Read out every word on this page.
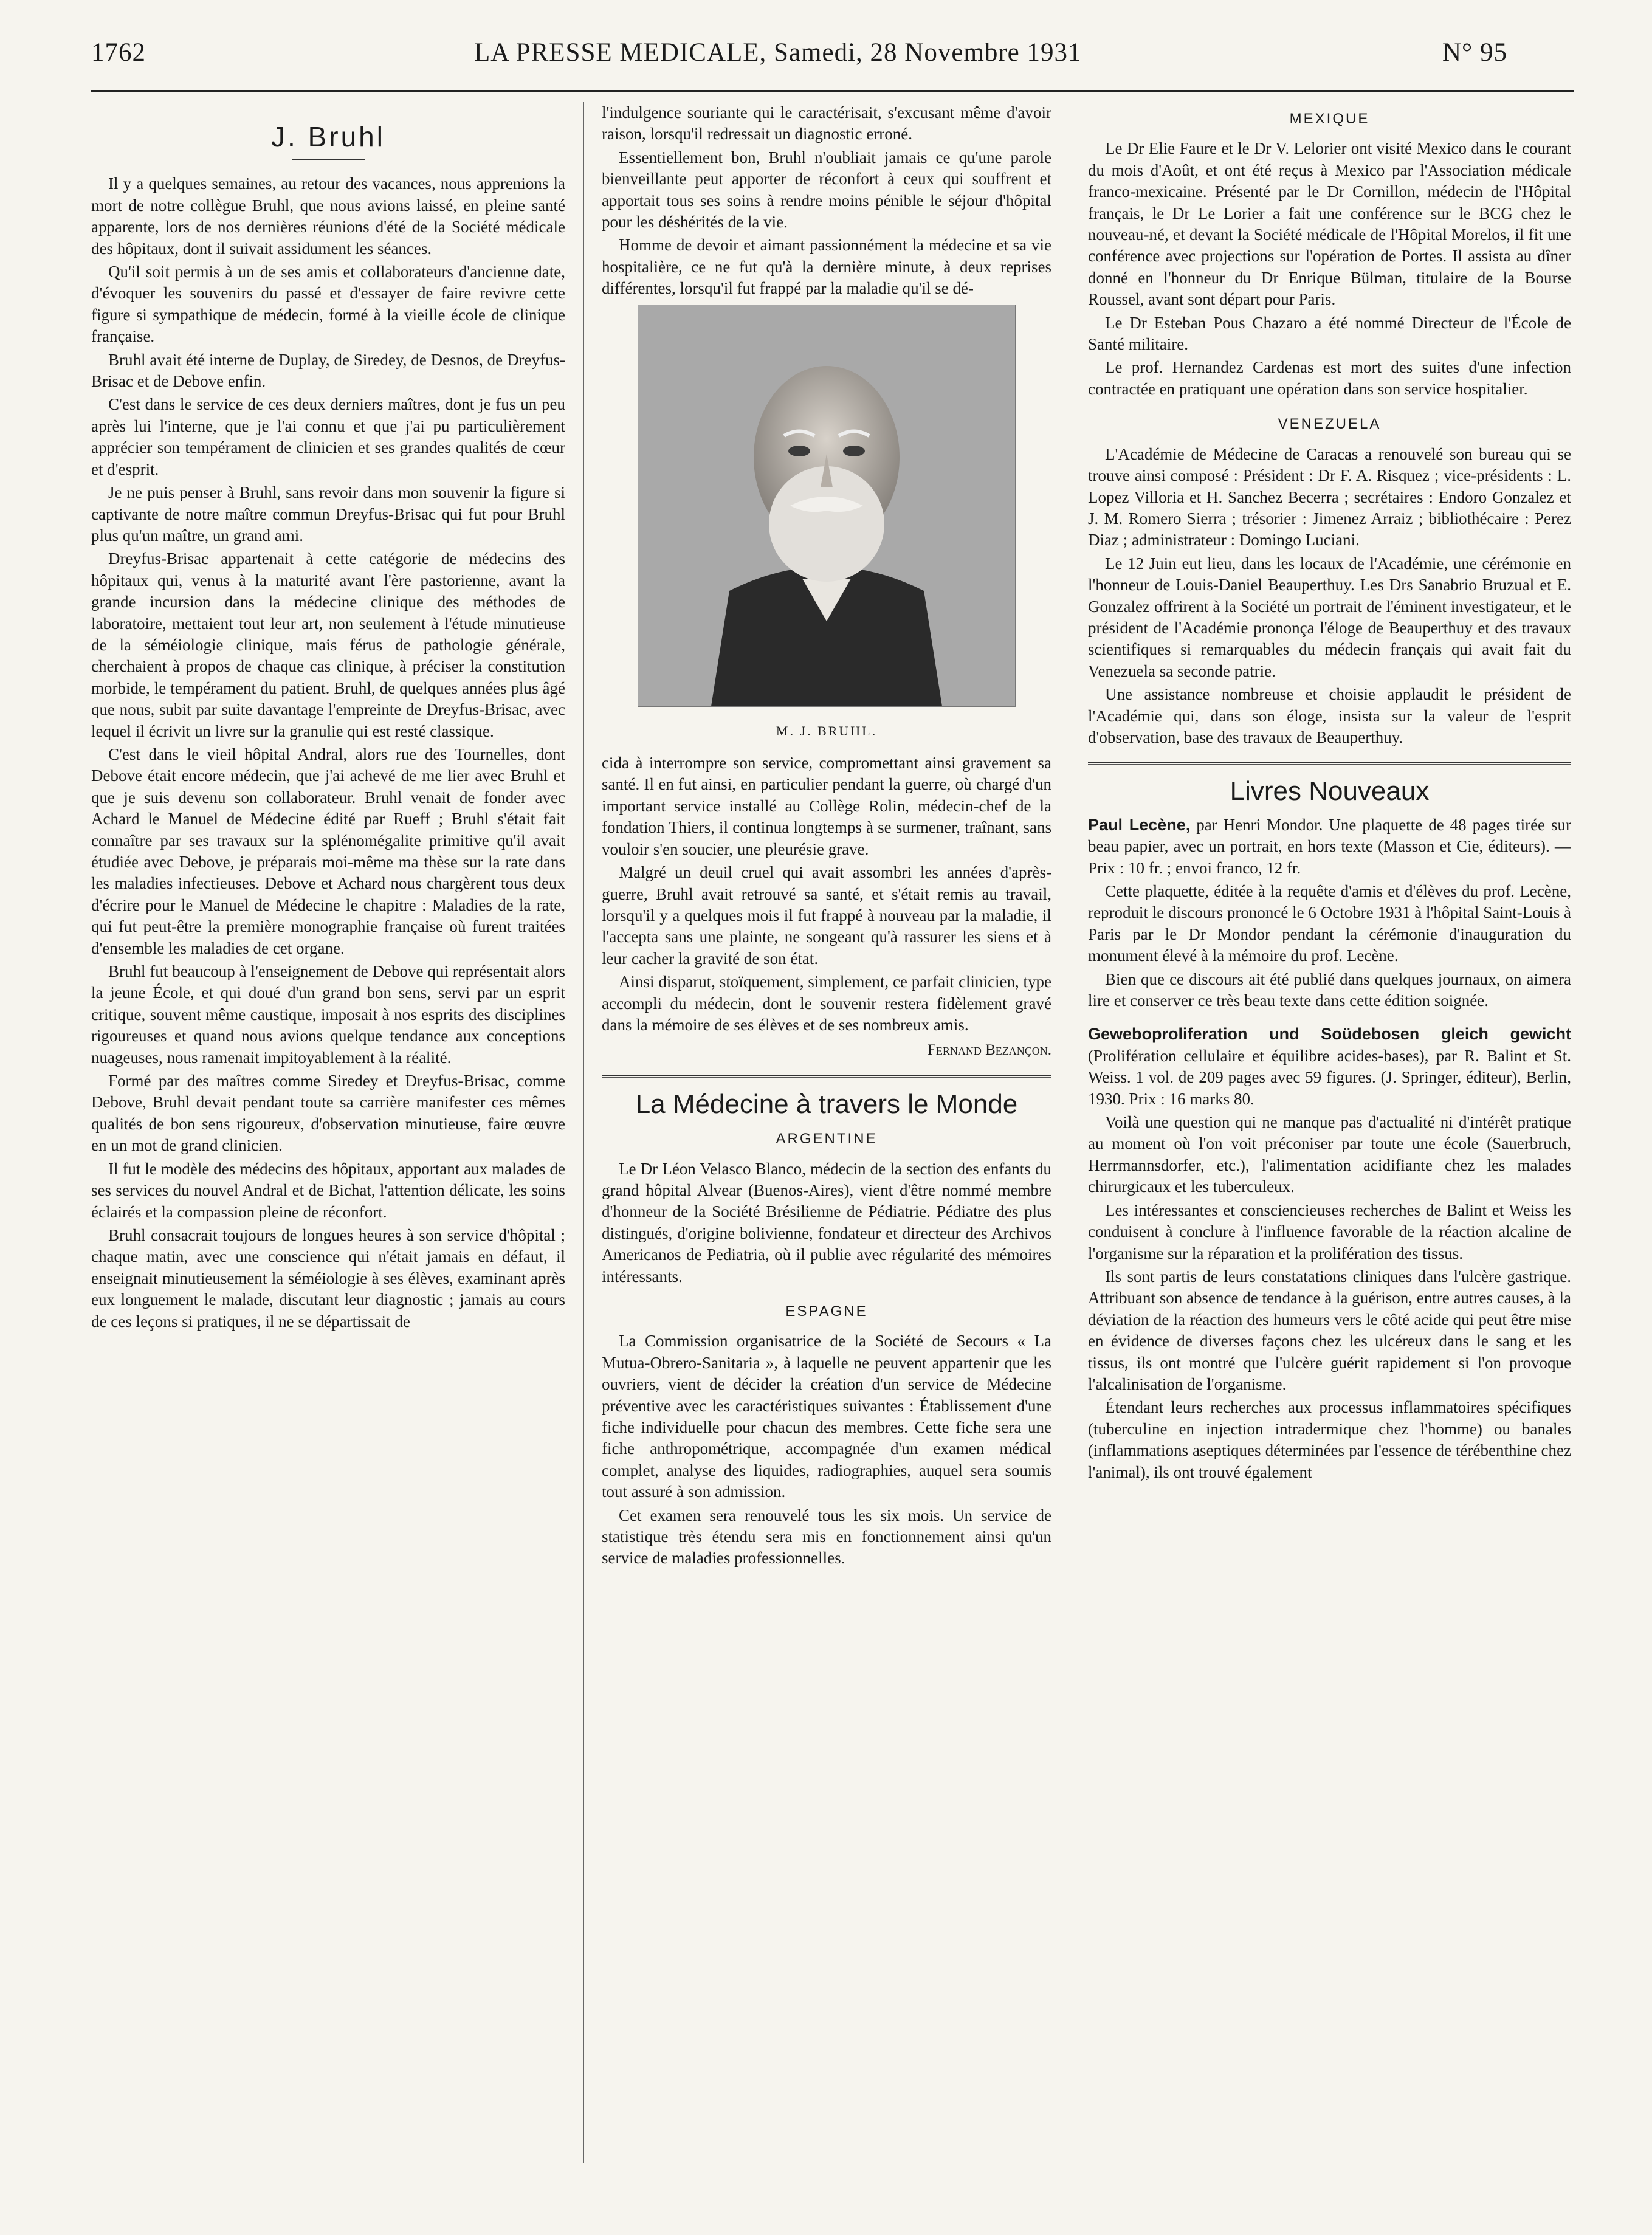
1762	LA PRESSE MEDICALE, Samedi, 28 Novembre 1931	N° 95
J. Bruhl

Il y a quelques semaines, au retour des vacances, nous apprenions la mort de notre collègue Bruhl, que nous avions laissé, en pleine santé apparente, lors de nos dernières réunions d'été de la Société médicale des hôpitaux, dont il suivait assidument les séances.

Qu'il soit permis à un de ses amis et collaborateurs d'ancienne date, d'évoquer les souvenirs du passé et d'essayer de faire revivre cette figure si sympathique de médecin, formé à la vieille école de clinique française.

Bruhl avait été interne de Duplay, de Siredey, de Desnos, de Dreyfus-Brisac et de Debove enfin.

C'est dans le service de ces deux derniers maîtres, dont je fus un peu après lui l'interne, que je l'ai connu et que j'ai pu particulièrement apprécier son tempérament de clinicien et ses grandes qualités de cœur et d'esprit.

Je ne puis penser à Bruhl, sans revoir dans mon souvenir la figure si captivante de notre maître commun Dreyfus-Brisac qui fut pour Bruhl plus qu'un maître, un grand ami.

Dreyfus-Brisac appartenait à cette catégorie de médecins des hôpitaux qui, venus à la maturité avant l'ère pastorienne, avant la grande incursion dans la médecine clinique des méthodes de laboratoire, mettaient tout leur art, non seulement à l'étude minutieuse de la séméiologie clinique, mais férus de pathologie générale, cherchaient à propos de chaque cas clinique, à préciser la constitution morbide, le tempérament du patient. Bruhl, de quelques années plus âgé que nous, subit par suite davantage l'empreinte de Dreyfus-Brisac, avec lequel il écrivit un livre sur la granulie qui est resté classique.

C'est dans le vieil hôpital Andral, alors rue des Tournelles, dont Debove était encore médecin, que j'ai achevé de me lier avec Bruhl et que je suis devenu son collaborateur. Bruhl venait de fonder avec Achard le Manuel de Médecine édité par Rueff ; Bruhl s'était fait connaître par ses travaux sur la splénomégalite primitive qu'il avait étudiée avec Debove, je préparais moi-même ma thèse sur la rate dans les maladies infectieuses. Debove et Achard nous chargèrent tous deux d'écrire pour le Manuel de Médecine le chapitre : Maladies de la rate, qui fut peut-être la première monographie française où furent traitées d'ensemble les maladies de cet organe.

Bruhl fut beaucoup à l'enseignement de Debove qui représentait alors la jeune École, et qui doué d'un grand bon sens, servi par un esprit critique, souvent même caustique, imposait à nos esprits des disciplines rigoureuses et quand nous avions quelque tendance aux conceptions nuageuses, nous ramenait impitoyablement à la réalité.

Formé par des maîtres comme Siredey et Dreyfus-Brisac, comme Debove, Bruhl devait pendant toute sa carrière manifester ces mêmes qualités de bon sens rigoureux, d'observation minutieuse, faire œuvre en un mot de grand clinicien.

Il fut le modèle des médecins des hôpitaux, apportant aux malades de ses services du nouvel Andral et de Bichat, l'attention délicate, les soins éclairés et la compassion pleine de réconfort.

Bruhl consacrait toujours de longues heures à son service d'hôpital ; chaque matin, avec une conscience qui n'était jamais en défaut, il enseignait minutieusement la séméiologie à ses élèves, examinant après eux longuement le malade, discutant leur diagnostic ; jamais au cours de ces leçons si pratiques, il ne se départissait de

l'indulgence souriante qui le caractérisait, s'excusant même d'avoir raison, lorsqu'il redressait un diagnostic erroné.

Essentiellement bon, Bruhl n'oubliait jamais ce qu'une parole bienveillante peut apporter de réconfort à ceux qui souffrent et apportait tous ses soins à rendre moins pénible le séjour d'hôpital pour les déshérités de la vie.

Homme de devoir et aimant passionnément la médecine et sa vie hospitalière, ce ne fut qu'à la dernière minute, à deux reprises différentes, lorsqu'il fut frappé par la maladie qu'il se dé-

M. J. BRUHL.

cida à interrompre son service, compromettant ainsi gravement sa santé. Il en fut ainsi, en particulier pendant la guerre, où chargé d'un important service installé au Collège Rolin, médecin-chef de la fondation Thiers, il continua longtemps à se surmener, traînant, sans vouloir s'en soucier, une pleurésie grave.

Malgré un deuil cruel qui avait assombri les années d'après-guerre, Bruhl avait retrouvé sa santé, et s'était remis au travail, lorsqu'il y a quelques mois il fut frappé à nouveau par la maladie, il l'accepta sans une plainte, ne songeant qu'à rassurer les siens et à leur cacher la gravité de son état.

Ainsi disparut, stoïquement, simplement, ce parfait clinicien, type accompli du médecin, dont le souvenir restera fidèlement gravé dans la mémoire de ses élèves et de ses nombreux amis.

Fernand Bezançon.
La Médecine à travers le Monde
ARGENTINE

Le Dr Léon Velasco Blanco, médecin de la section des enfants du grand hôpital Alvear (Buenos-Aires), vient d'être nommé membre d'honneur de la Société Brésilienne de Pédiatrie. Pédiatre des plus distingués, d'origine bolivienne, fondateur et directeur des Archivos Americanos de Pediatria, où il publie avec régularité des mémoires intéressants.

ESPAGNE

La Commission organisatrice de la Société de Secours « La Mutua-Obrero-Sanitaria », à laquelle ne peuvent appartenir que les ouvriers, vient de décider la création d'un service de Médecine préventive avec les caractéristiques suivantes : Établissement d'une fiche individuelle pour chacun des membres. Cette fiche sera une fiche anthropométrique, accompagnée d'un examen médical complet, analyse des liquides, radiographies, auquel sera soumis tout assuré à son admission.

Cet examen sera renouvelé tous les six mois. Un service de statistique très étendu sera mis en fonctionnement ainsi qu'un service de maladies professionnelles.

MEXIQUE

Le Dr Elie Faure et le Dr V. Lelorier ont visité Mexico dans le courant du mois d'Août, et ont été reçus à Mexico par l'Association médicale franco-mexicaine. Présenté par le Dr Cornillon, médecin de l'Hôpital français, le Dr Le Lorier a fait une conférence sur le BCG chez le nouveau-né, et devant la Société médicale de l'Hôpital Morelos, il fit une conférence avec projections sur l'opération de Portes. Il assista au dîner donné en l'honneur du Dr Enrique Bülman, titulaire de la Bourse Roussel, avant sont départ pour Paris.

Le Dr Esteban Pous Chazaro a été nommé Directeur de l'École de Santé militaire.

Le prof. Hernandez Cardenas est mort des suites d'une infection contractée en pratiquant une opération dans son service hospitalier.

VENEZUELA

L'Académie de Médecine de Caracas a renouvelé son bureau qui se trouve ainsi composé : Président : Dr F. A. Risquez ; vice-présidents : L. Lopez Villoria et H. Sanchez Becerra ; secrétaires : Endoro Gonzalez et J. M. Romero Sierra ; trésorier : Jimenez Arraiz ; bibliothécaire : Perez Diaz ; administrateur : Domingo Luciani.

Le 12 Juin eut lieu, dans les locaux de l'Académie, une cérémonie en l'honneur de Louis-Daniel Beauperthuy. Les Drs Sanabrio Bruzual et E. Gonzalez offrirent à la Société un portrait de l'éminent investigateur, et le président de l'Académie prononça l'éloge de Beauperthuy et des travaux scientifiques si remarquables du médecin français qui avait fait du Venezuela sa seconde patrie.

Une assistance nombreuse et choisie applaudit le président de l'Académie qui, dans son éloge, insista sur la valeur de l'esprit d'observation, base des travaux de Beauperthuy.

Livres Nouveaux

Paul Lecène, par Henri Mondor. Une plaquette de 48 pages tirée sur beau papier, avec un portrait, en hors texte (Masson et Cie, éditeurs). — Prix : 10 fr. ; envoi franco, 12 fr.

Cette plaquette, éditée à la requête d'amis et d'élèves du prof. Lecène, reproduit le discours prononcé le 6 Octobre 1931 à l'hôpital Saint-Louis à Paris par le Dr Mondor pendant la cérémonie d'inauguration du monument élevé à la mémoire du prof. Lecène.

Bien que ce discours ait été publié dans quelques journaux, on aimera lire et conserver ce très beau texte dans cette édition soignée.

Geweboproliferation und Soüdebosen gleich gewicht (Prolifération cellulaire et équilibre acides-bases), par R. Balint et St. Weiss. 1 vol. de 209 pages avec 59 figures. (J. Springer, éditeur), Berlin, 1930. Prix : 16 marks 80.

Voilà une question qui ne manque pas d'actualité ni d'intérêt pratique au moment où l'on voit préconiser par toute une école (Sauerbruch, Herrmannsdorfer, etc.), l'alimentation acidifiante chez les malades chirurgicaux et les tuberculeux.

Les intéressantes et consciencieuses recherches de Balint et Weiss les conduisent à conclure à l'influence favorable de la réaction alcaline de l'organisme sur la réparation et la prolifération des tissus.

Ils sont partis de leurs constatations cliniques dans l'ulcère gastrique. Attribuant son absence de tendance à la guérison, entre autres causes, à la déviation de la réaction des humeurs vers le côté acide qui peut être mise en évidence de diverses façons chez les ulcéreux dans le sang et les tissus, ils ont montré que l'ulcère guérit rapidement si l'on provoque l'alcalinisation de l'organisme.

Étendant leurs recherches aux processus inflammatoires spécifiques (tuberculine en injection intradermique chez l'homme) ou banales (inflammations aseptiques déterminées par l'essence de térébenthine chez l'animal), ils ont trouvé également
